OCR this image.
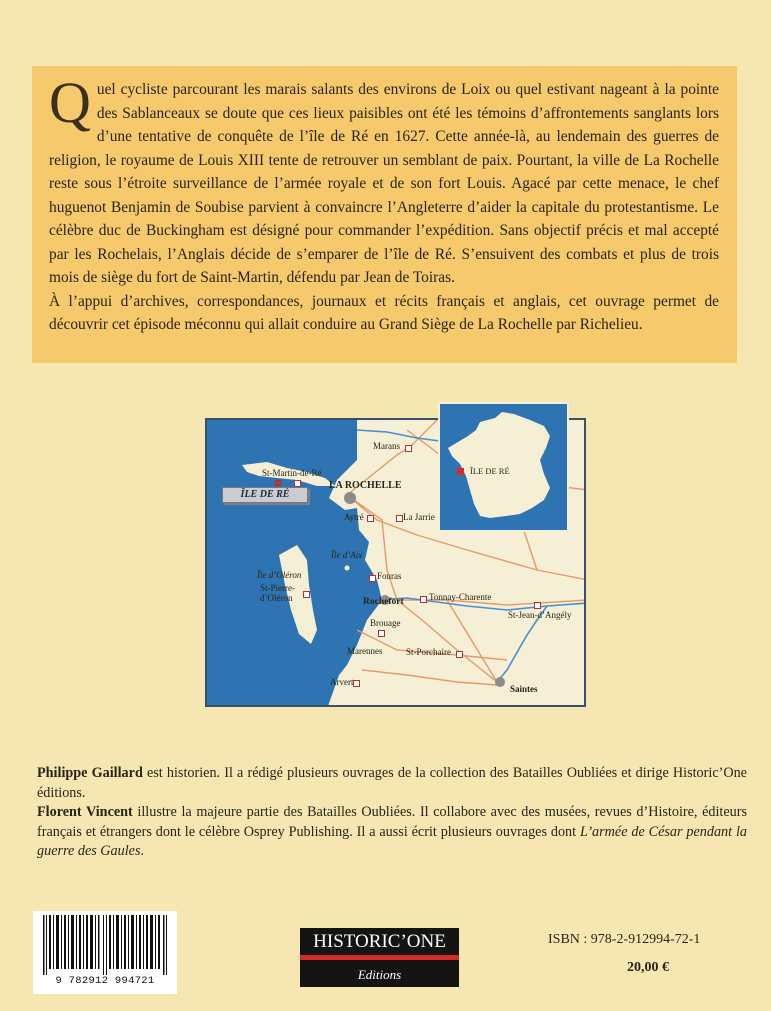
Quel cycliste parcourant les marais salants des environs de Loix ou quel estivant nageant à la pointe des Sablanceaux se doute que ces lieux paisibles ont été les témoins d’affrontements sanglants lors d’une tentative de conquête de l’île de Ré en 1627. Cette année-là, au lendemain des guerres de religion, le royaume de Louis XIII tente de retrouver un semblant de paix. Pourtant, la ville de La Rochelle reste sous l’étroite surveillance de l’armée royale et de son fort Louis. Agacé par cette menace, le chef huguenot Benjamin de Soubise parvient à convaincre l’Angleterre d’aider la capitale du protestantisme. Le célèbre duc de Buckingham est désigné pour commander l’expédition. Sans objectif précis et mal accepté par les Rochelais, l’Anglais décide de s’emparer de l’île de Ré. S’ensuivent des combats et plus de trois mois de siège du fort de Saint-Martin, défendu par Jean de Toiras.

À l’appui d’archives, correspondances, journaux et récits français et anglais, cet ouvrage permet de découvrir cet épisode méconnu qui allait conduire au Grand Siège de La Rochelle par Richelieu.

Marans
St-Martin-de-Ré
LA ROCHELLE
ÎLE DE RÉ
Aytré	La Jarrie
Île d’Aix
Île d’Oléron	Fouras
St-Pierre-d’Oléron	Rochefort	Tonnay-Charente
St-Jean-d’Angély
Brouage
Marennes	St-Porchaire
Arvert
Saintes
ÎLE DE RÉ

Philippe Gaillard est historien. Il a rédigé plusieurs ouvrages de la collection des Batailles Oubliées et dirige Historic’One éditions.

Florent Vincent illustre la majeure partie des Batailles Oubliées. Il collabore avec des musées, revues d’Histoire, éditeurs français et étrangers dont le célèbre Osprey Publishing. Il a aussi écrit plusieurs ouvrages dont L’armée de César pendant la guerre des Gaules.

9 782912 994721
HISTORIC’ONE
Editions
ISBN : 978-2-912994-72-1
20,00 €
